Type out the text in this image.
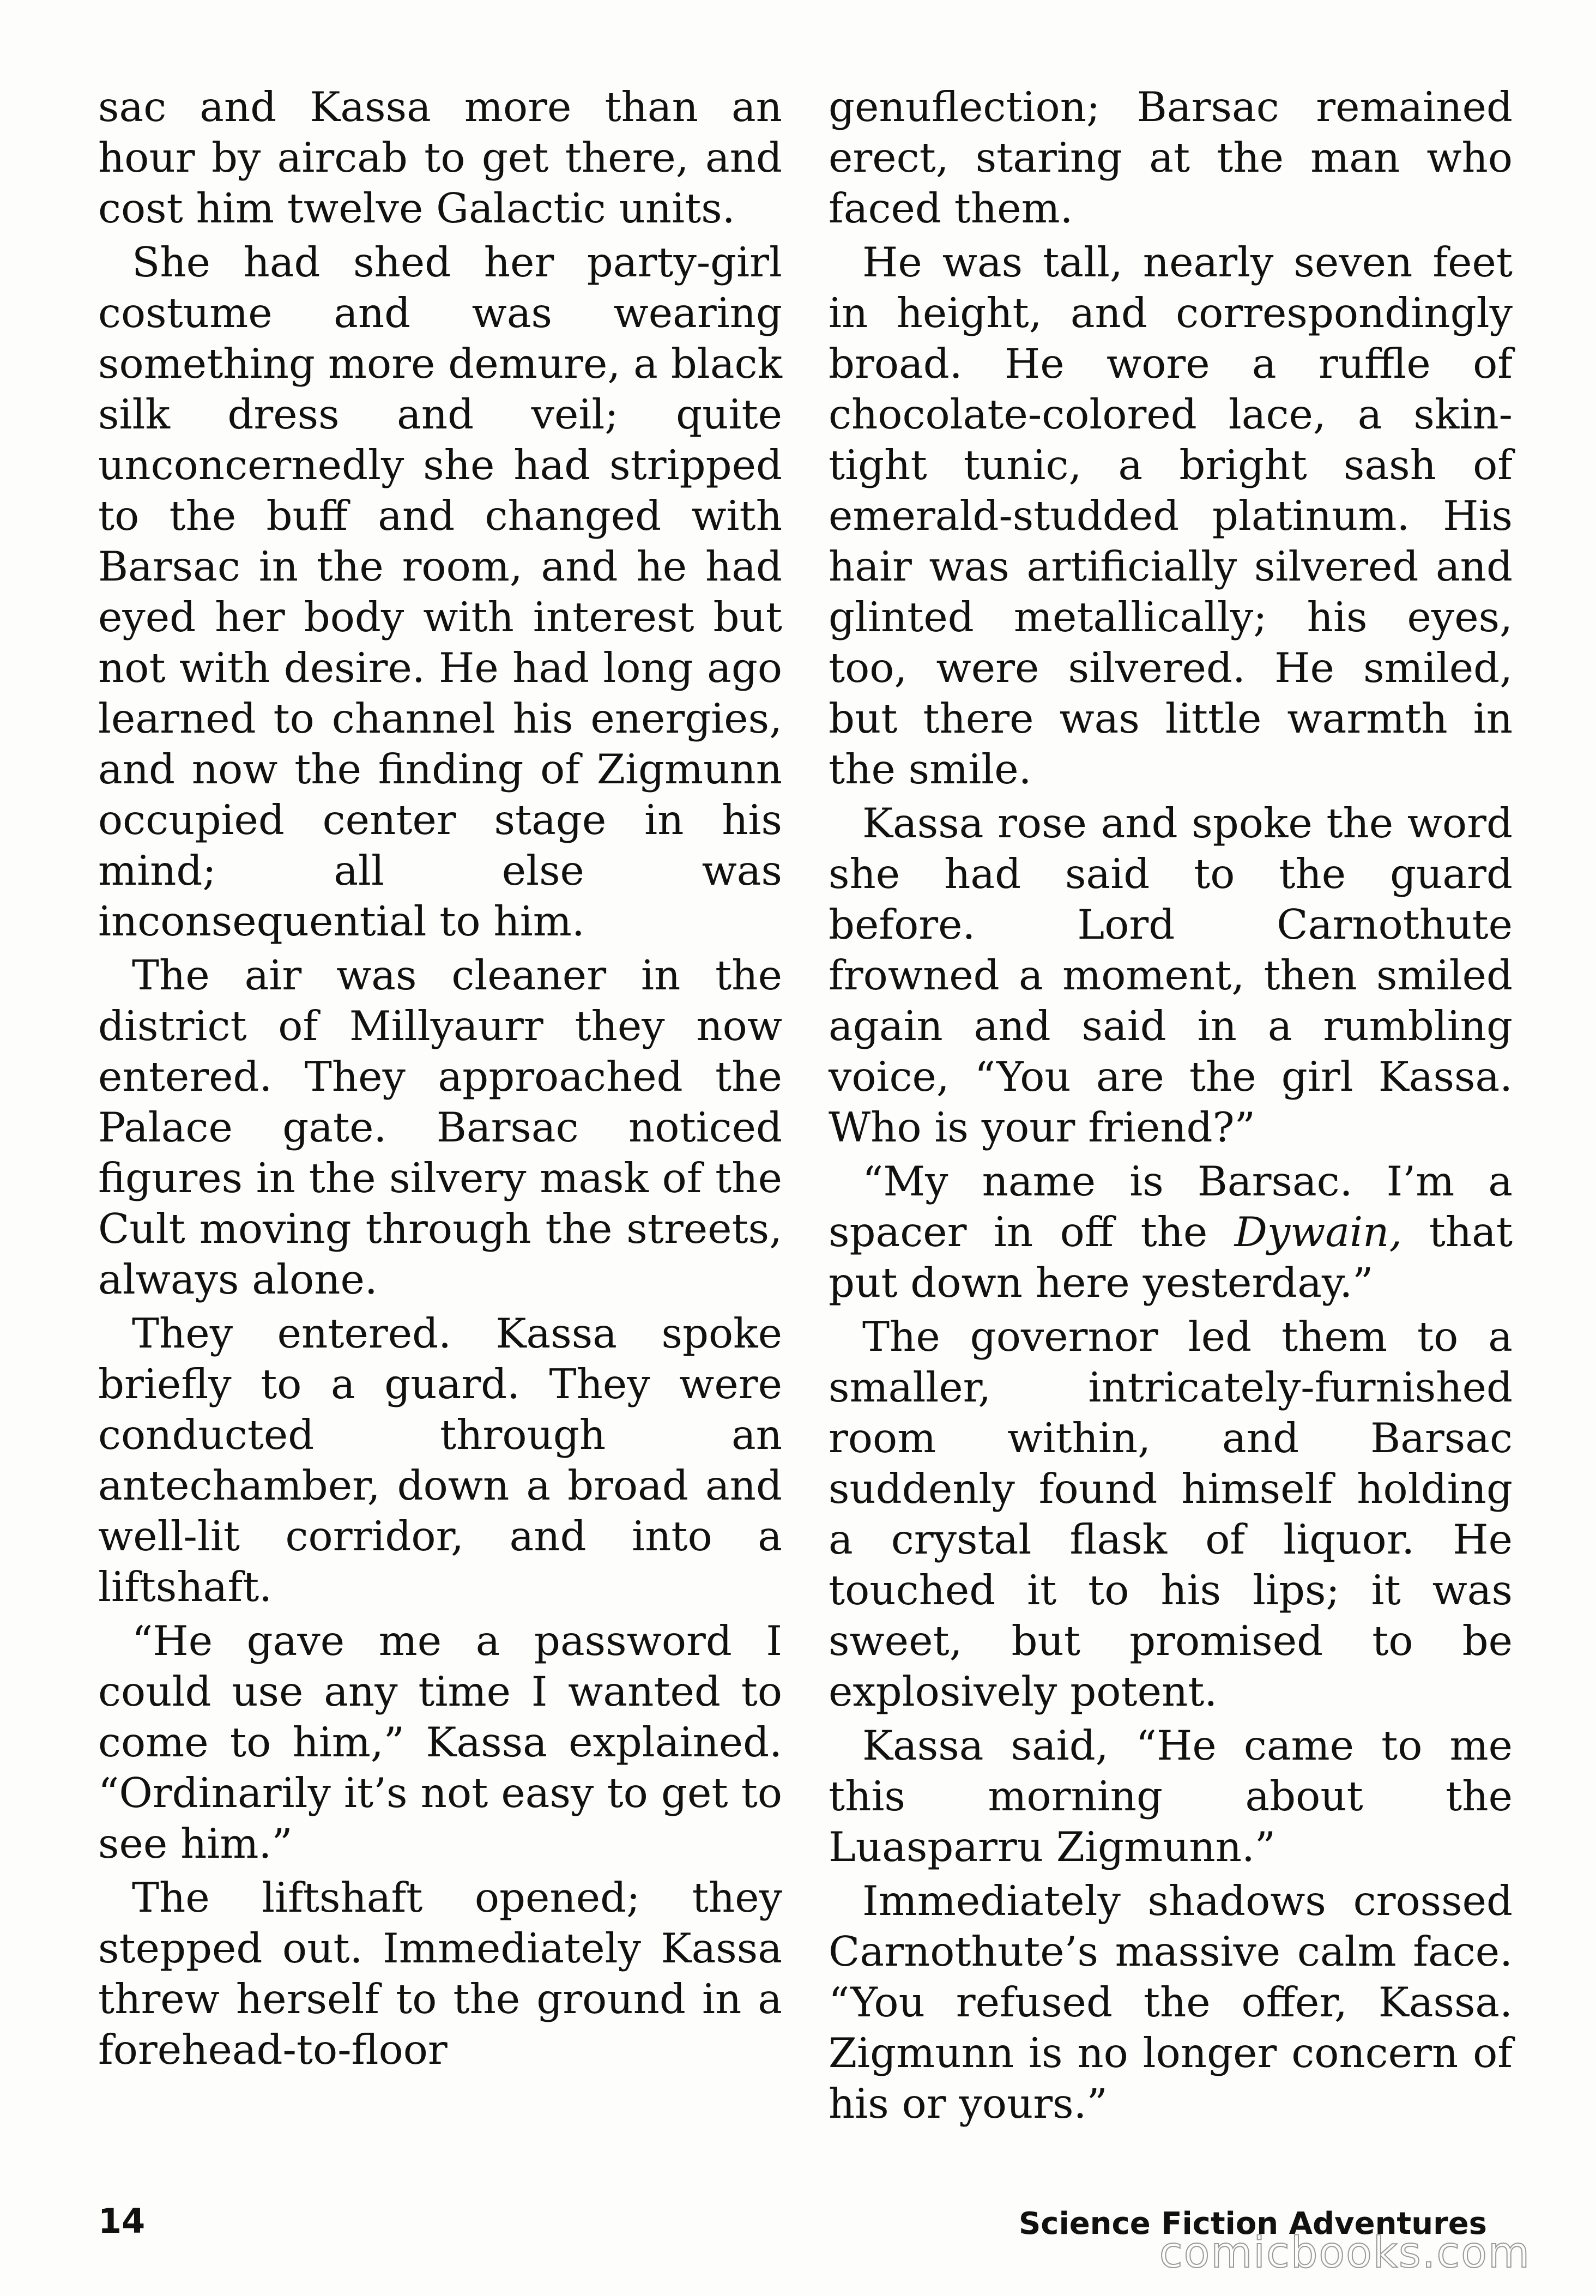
sac and Kassa more than an hour by aircab to get there, and cost him twelve Galactic units.

She had shed her party-girl costume and was wearing something more demure, a black silk dress and veil; quite unconcernedly she had stripped to the buff and changed with Barsac in the room, and he had eyed her body with interest but not with desire. He had long ago learned to channel his energies, and now the finding of Zigmunn occupied center stage in his mind; all else was inconsequential to him.

The air was cleaner in the district of Millyaurr they now entered. They approached the Palace gate. Barsac noticed figures in the silvery mask of the Cult moving through the streets, always alone.

They entered. Kassa spoke briefly to a guard. They were conducted through an antechamber, down a broad and well-lit corridor, and into a liftshaft.

“He gave me a password I could use any time I wanted to come to him,” Kassa explained. “Ordinarily it’s not easy to get to see him.”

The liftshaft opened; they stepped out. Immediately Kassa threw herself to the ground in a forehead-to-floor

genuflection; Barsac remained erect, staring at the man who faced them.

He was tall, nearly seven feet in height, and correspondingly broad. He wore a ruffle of chocolate-colored lace, a skin-tight tunic, a bright sash of emerald-studded platinum. His hair was artificially silvered and glinted metallically; his eyes, too, were silvered. He smiled, but there was little warmth in the smile.

Kassa rose and spoke the word she had said to the guard before. Lord Carnothute frowned a moment, then smiled again and said in a rumbling voice, “You are the girl Kassa. Who is your friend?”

“My name is Barsac. I’m a spacer in off the Dywain, that put down here yesterday.”

The governor led them to a smaller, intricately-furnished room within, and Barsac suddenly found himself holding a crystal flask of liquor. He touched it to his lips; it was sweet, but promised to be explosively potent.

Kassa said, “He came to me this morning about the Luasparru Zigmunn.”

Immediately shadows crossed Carnothute’s massive calm face. “You refused the offer, Kassa. Zigmunn is no longer concern of his or yours.”

14	Science Fiction Adventures
comicbooks.com
